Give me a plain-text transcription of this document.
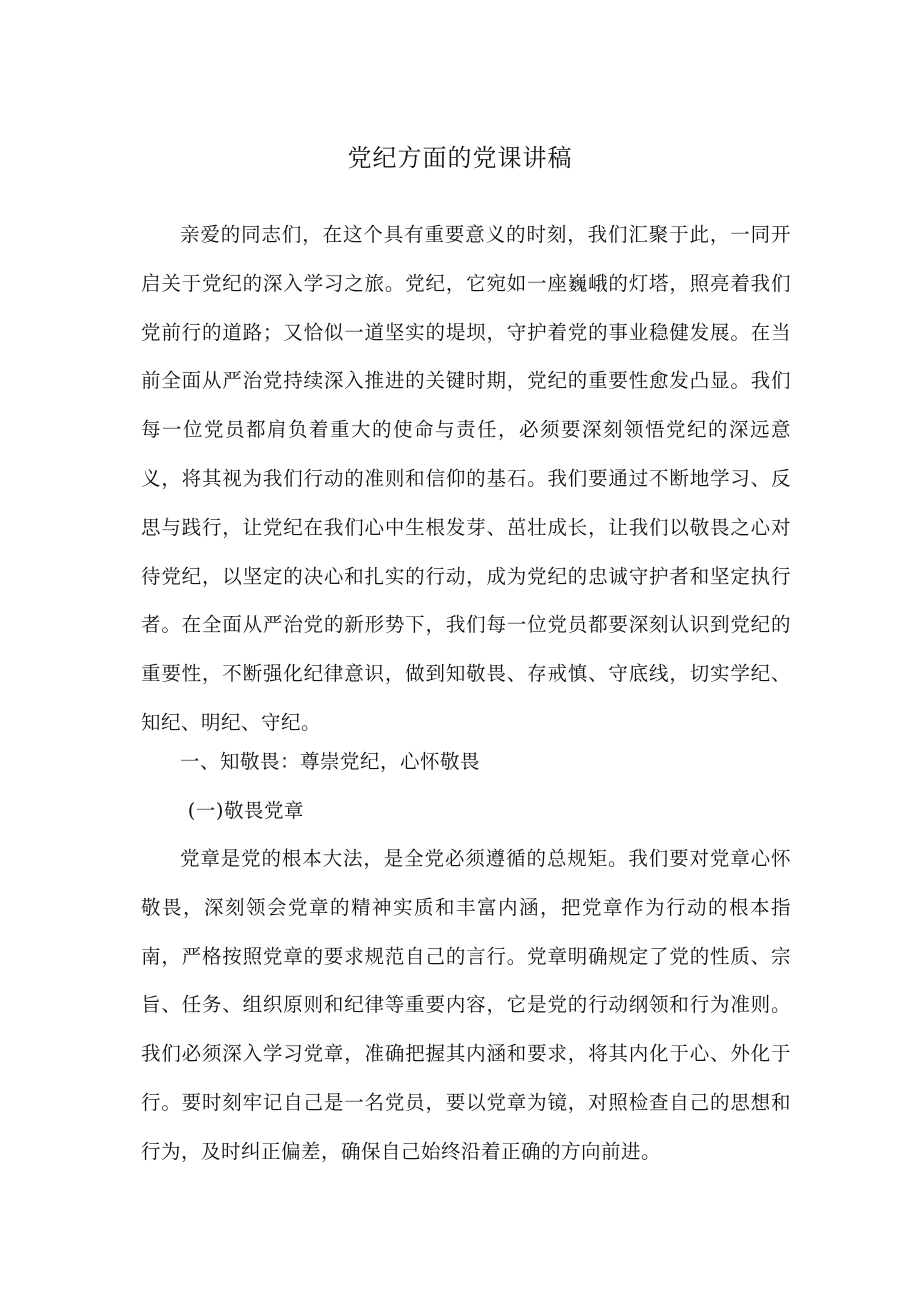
党纪方面的党课讲稿

亲爱的同志们，在这个具有重要意义的时刻，我们汇聚于此，一同开启关于党纪的深入学习之旅。党纪，它宛如一座巍峨的灯塔，照亮着我们党前行的道路；又恰似一道坚实的堤坝，守护着党的事业稳健发展。在当前全面从严治党持续深入推进的关键时期，党纪的重要性愈发凸显。我们每一位党员都肩负着重大的使命与责任，必须要深刻领悟党纪的深远意义，将其视为我们行动的准则和信仰的基石。我们要通过不断地学习、反思与践行，让党纪在我们心中生根发芽、茁壮成长，让我们以敬畏之心对待党纪，以坚定的决心和扎实的行动，成为党纪的忠诚守护者和坚定执行者。在全面从严治党的新形势下，我们每一位党员都要深刻认识到党纪的重要性，不断强化纪律意识，做到知敬畏、存戒慎、守底线，切实学纪、知纪、明纪、守纪。

一、知敬畏：尊崇党纪，心怀敬畏

(一)敬畏党章

党章是党的根本大法，是全党必须遵循的总规矩。我们要对党章心怀敬畏，深刻领会党章的精神实质和丰富内涵，把党章作为行动的根本指南，严格按照党章的要求规范自己的言行。党章明确规定了党的性质、宗旨、任务、组织原则和纪律等重要内容，它是党的行动纲领和行为准则。我们必须深入学习党章，准确把握其内涵和要求，将其内化于心、外化于行。要时刻牢记自己是一名党员，要以党章为镜，对照检查自己的思想和行为，及时纠正偏差，确保自己始终沿着正确的方向前进。
